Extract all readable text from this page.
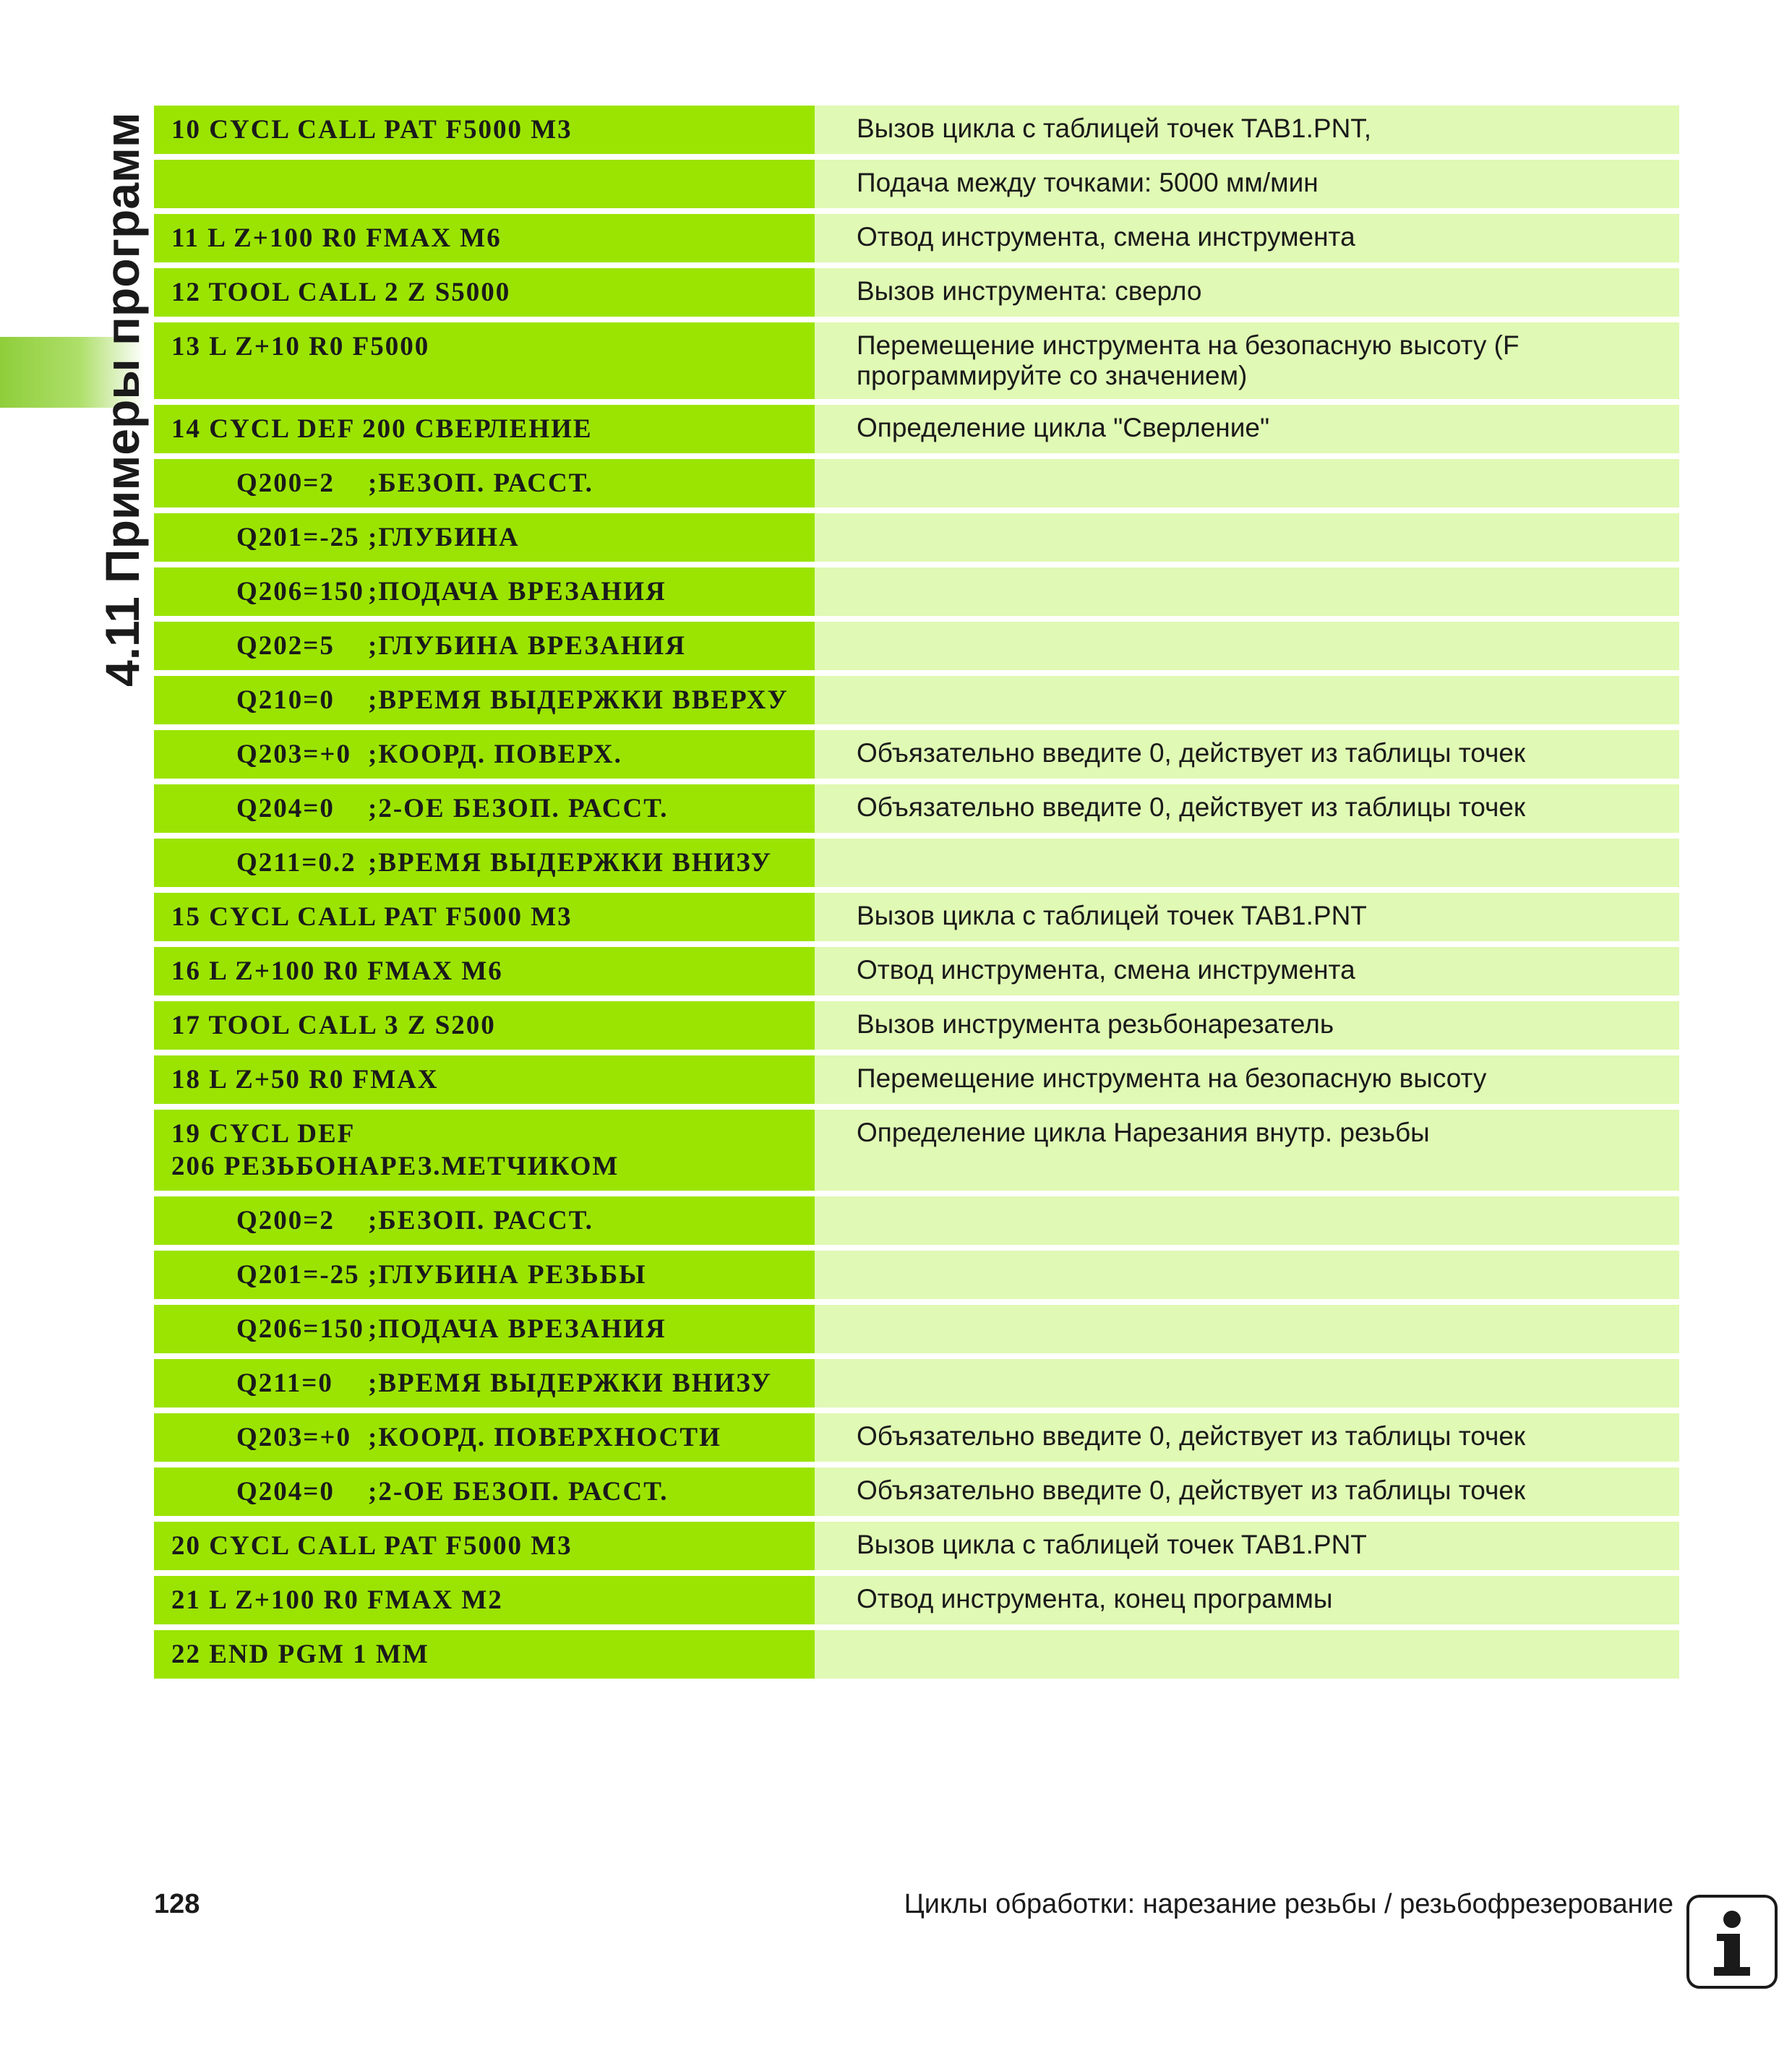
4.11 Примеры программ 10 CYCL CALL PAT F5000 M3	Вызов цикла с таблицей точек TAB1.PNT,

	Подача между точками: 5000 мм/мин

11 L Z+100 R0 FMAX M6	Отвод инструмента, смена инструмента

12 TOOL CALL 2 Z S5000	Вызов инструмента: сверло

13 L Z+10 R0 F5000	Перемещение инструмента на безопасную высоту (F программируйте со значением)

14 CYCL DEF 200 СВЕРЛЕНИЕ	Определение цикла "Сверление"
Q200=2 ;БЕЗОП. РАССТ.	
Q201=-25 ;ГЛУБИНА	
Q206=150 ;ПОДАЧА ВРЕЗАНИЯ	
Q202=5 ;ГЛУБИНА ВРЕЗАНИЯ	
Q210=0 ;ВРЕМЯ ВЫДЕРЖКИ ВВЕРХУ	
Q203=+0 ;КООРД. ПОВЕРХ.	Объязательно введите 0, действует из таблицы точек
Q204=0 ;2-ОЕ БЕЗОП. РАССТ.	Объязательно введите 0, действует из таблицы точек
Q211=0.2 ;ВРЕМЯ ВЫДЕРЖКИ ВНИЗУ	

15 CYCL CALL PAT F5000 M3	Вызов цикла с таблицей точек TAB1.PNT

16 L Z+100 R0 FMAX M6	Отвод инструмента, смена инструмента

17 TOOL CALL 3 Z S200	Вызов инструмента резьбонарезатель

18 L Z+50 R0 FMAX	Перемещение инструмента на безопасную высоту

19 CYCL DEF
206 РЕЗЬБОНАРЕЗ.МЕТЧИКОМ	Определение цикла Нарезания внутр. резьбы
Q200=2 ;БЕЗОП. РАССТ.	
Q201=-25 ;ГЛУБИНА РЕЗЬБЫ	
Q206=150 ;ПОДАЧА ВРЕЗАНИЯ	
Q211=0 ;ВРЕМЯ ВЫДЕРЖКИ ВНИЗУ	
Q203=+0 ;КООРД. ПОВЕРХНОСТИ	Объязательно введите 0, действует из таблицы точек
Q204=0 ;2-ОЕ БЕЗОП. РАССТ.	Объязательно введите 0, действует из таблицы точек

20 CYCL CALL PAT F5000 M3	Вызов цикла с таблицей точек TAB1.PNT

21 L Z+100 R0 FMAX M2	Отвод инструмента, конец программы

22 END PGM 1 MM	

128	Циклы обработки: нарезание резьбы / резьбофрезерование
